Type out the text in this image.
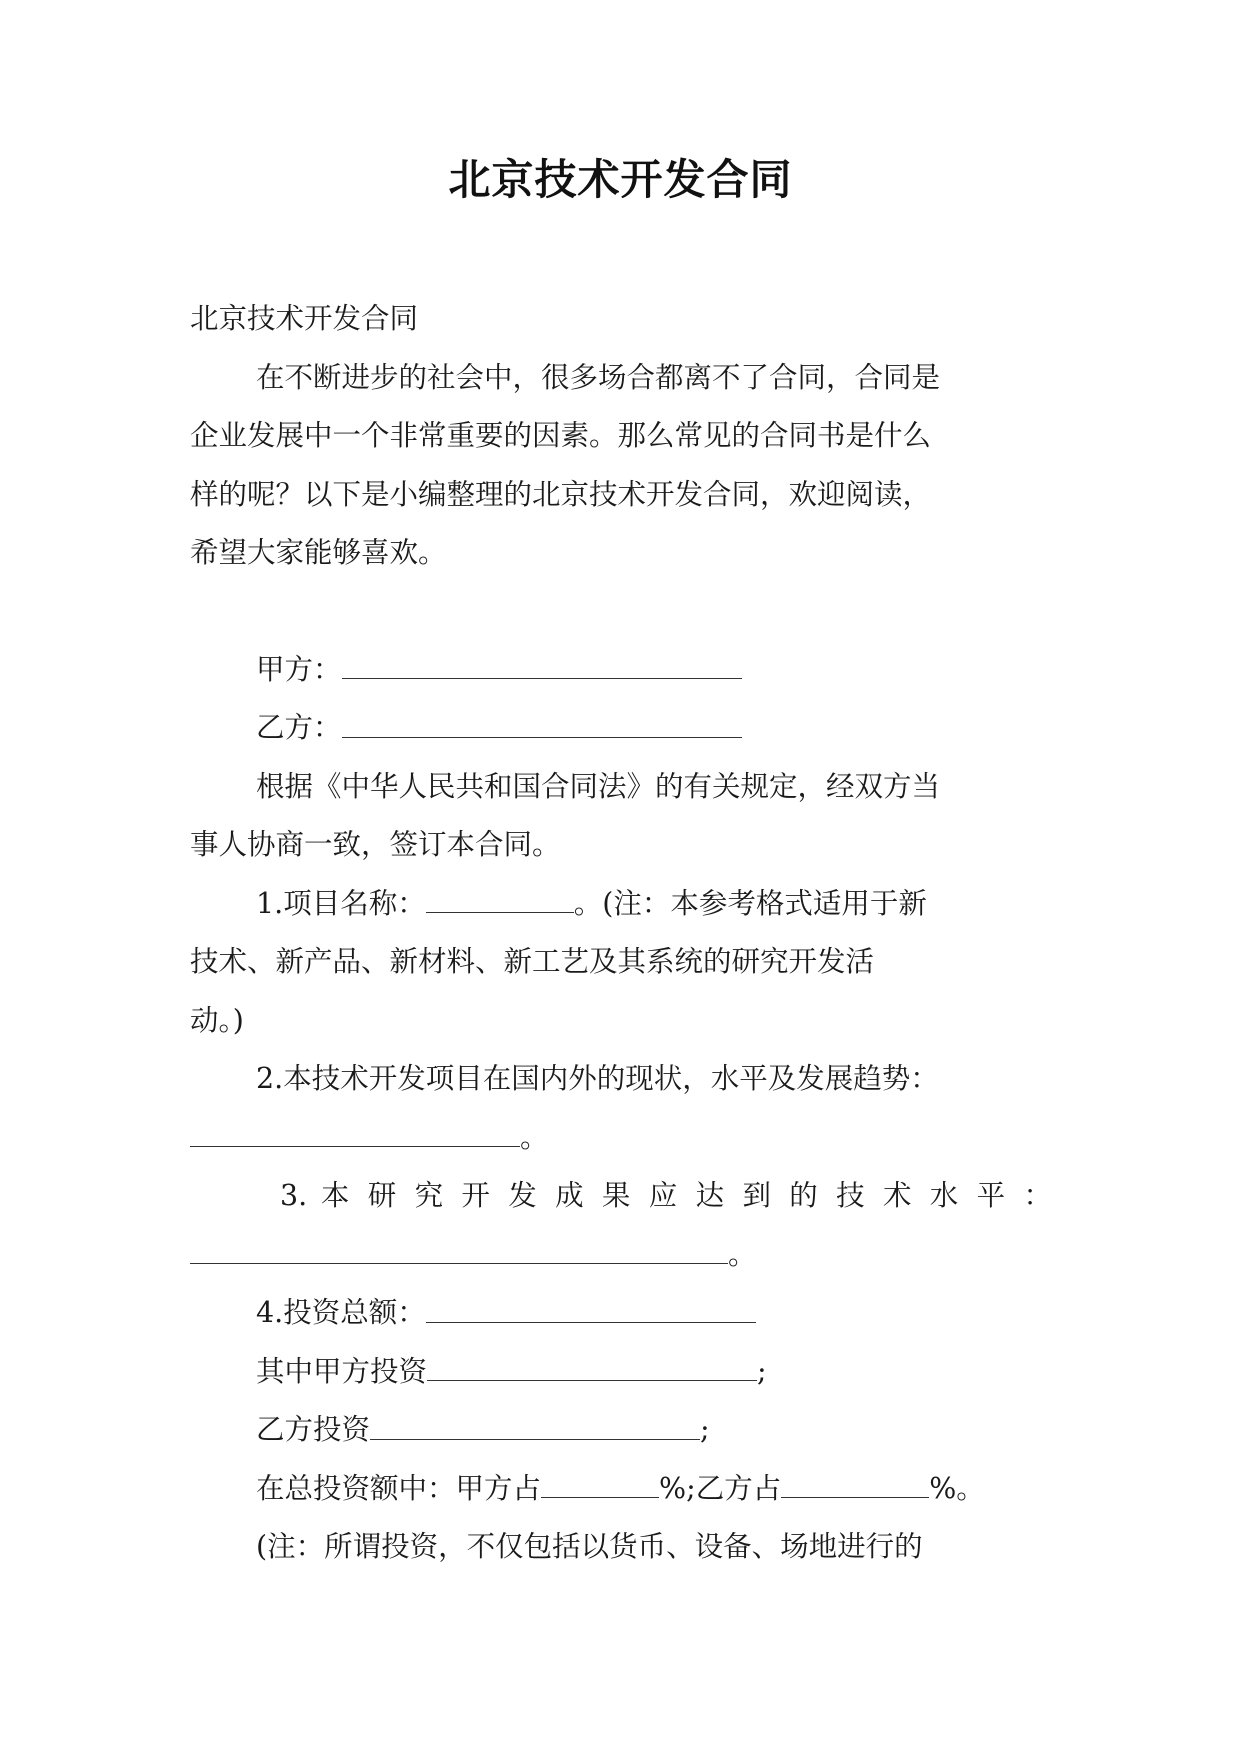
北京技术开发合同

北京技术开发合同

在不断进步的社会中，很多场合都离不了合同，合同是

企业发展中一个非常重要的因素。那么常见的合同书是什么

样的呢？以下是小编整理的北京技术开发合同，欢迎阅读，

希望大家能够喜欢。

甲方：

乙方：

根据《中华人民共和国合同法》的有关规定，经双方当

事人协商一致，签订本合同。

1.项目名称：	。(注：本参考格式适用于新

技术、新产品、新材料、新工艺及其系统的研究开发活

动。)

2.本技术开发项目在国内外的现状，水平及发展趋势：

。

3. 本 研 究 开 发 成 果 应 达 到 的 技 术 水 平 ：

。

4.投资总额：

其中甲方投资	;

乙方投资	;

在总投资额中：甲方占	%;乙方占	%。

(注：所谓投资，不仅包括以货币、设备、场地进行的
